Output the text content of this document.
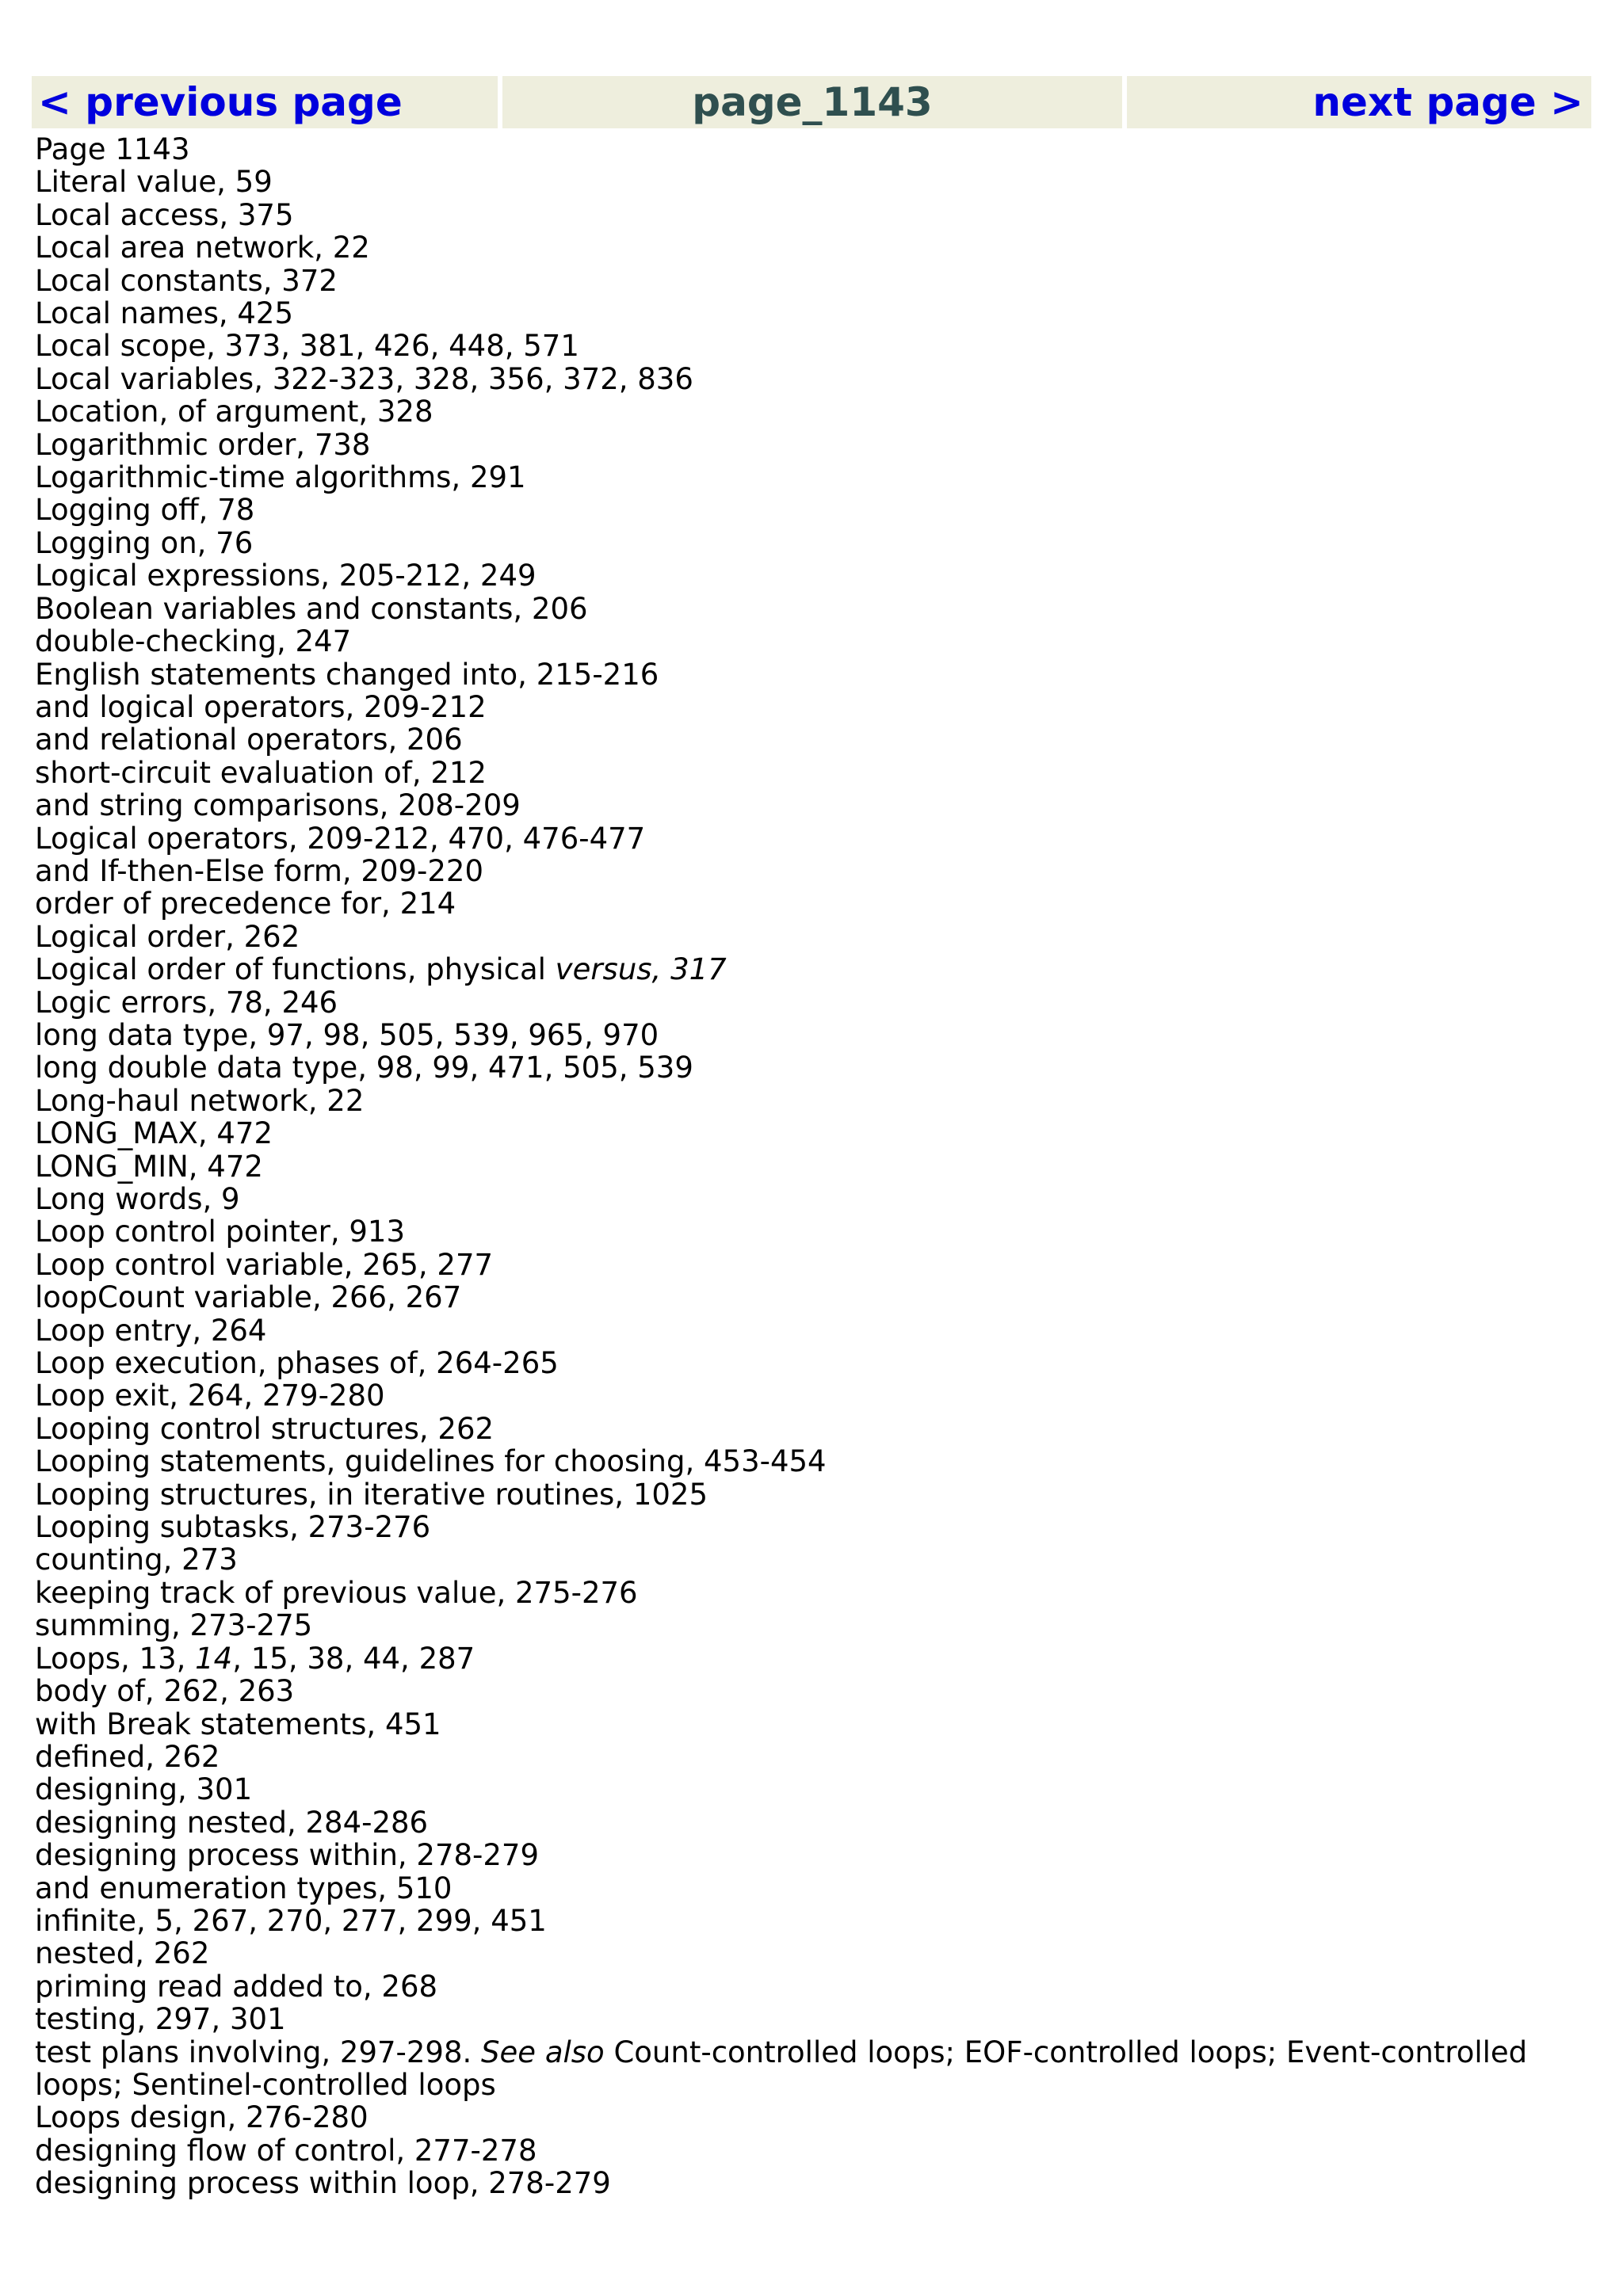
< previous page	page_1143	next page >
Page 1143
Literal value, 59
Local access, 375
Local area network, 22
Local constants, 372
Local names, 425
Local scope, 373, 381, 426, 448, 571
Local variables, 322-323, 328, 356, 372, 836
Location, of argument, 328
Logarithmic order, 738
Logarithmic-time algorithms, 291
Logging off, 78
Logging on, 76
Logical expressions, 205-212, 249
Boolean variables and constants, 206
double-checking, 247
English statements changed into, 215-216
and logical operators, 209-212
and relational operators, 206
short-circuit evaluation of, 212
and string comparisons, 208-209
Logical operators, 209-212, 470, 476-477
and If-then-Else form, 209-220
order of precedence for, 214
Logical order, 262
Logical order of functions, physical versus, 317
Logic errors, 78, 246
long data type, 97, 98, 505, 539, 965, 970
long double data type, 98, 99, 471, 505, 539
Long-haul network, 22
LONG_MAX, 472
LONG_MIN, 472
Long words, 9
Loop control pointer, 913
Loop control variable, 265, 277
loopCount variable, 266, 267
Loop entry, 264
Loop execution, phases of, 264-265
Loop exit, 264, 279-280
Looping control structures, 262
Looping statements, guidelines for choosing, 453-454
Looping structures, in iterative routines, 1025
Looping subtasks, 273-276
counting, 273
keeping track of previous value, 275-276
summing, 273-275
Loops, 13, 14, 15, 38, 44, 287
body of, 262, 263
with Break statements, 451
defined, 262
designing, 301
designing nested, 284-286
designing process within, 278-279
and enumeration types, 510
infinite, 5, 267, 270, 277, 299, 451
nested, 262
priming read added to, 268
testing, 297, 301
test plans involving, 297-298. See also Count-controlled loops; EOF-controlled loops; Event-controlled loops; Sentinel-controlled loops
Loops design, 276-280
designing flow of control, 277-278
designing process within loop, 278-279
